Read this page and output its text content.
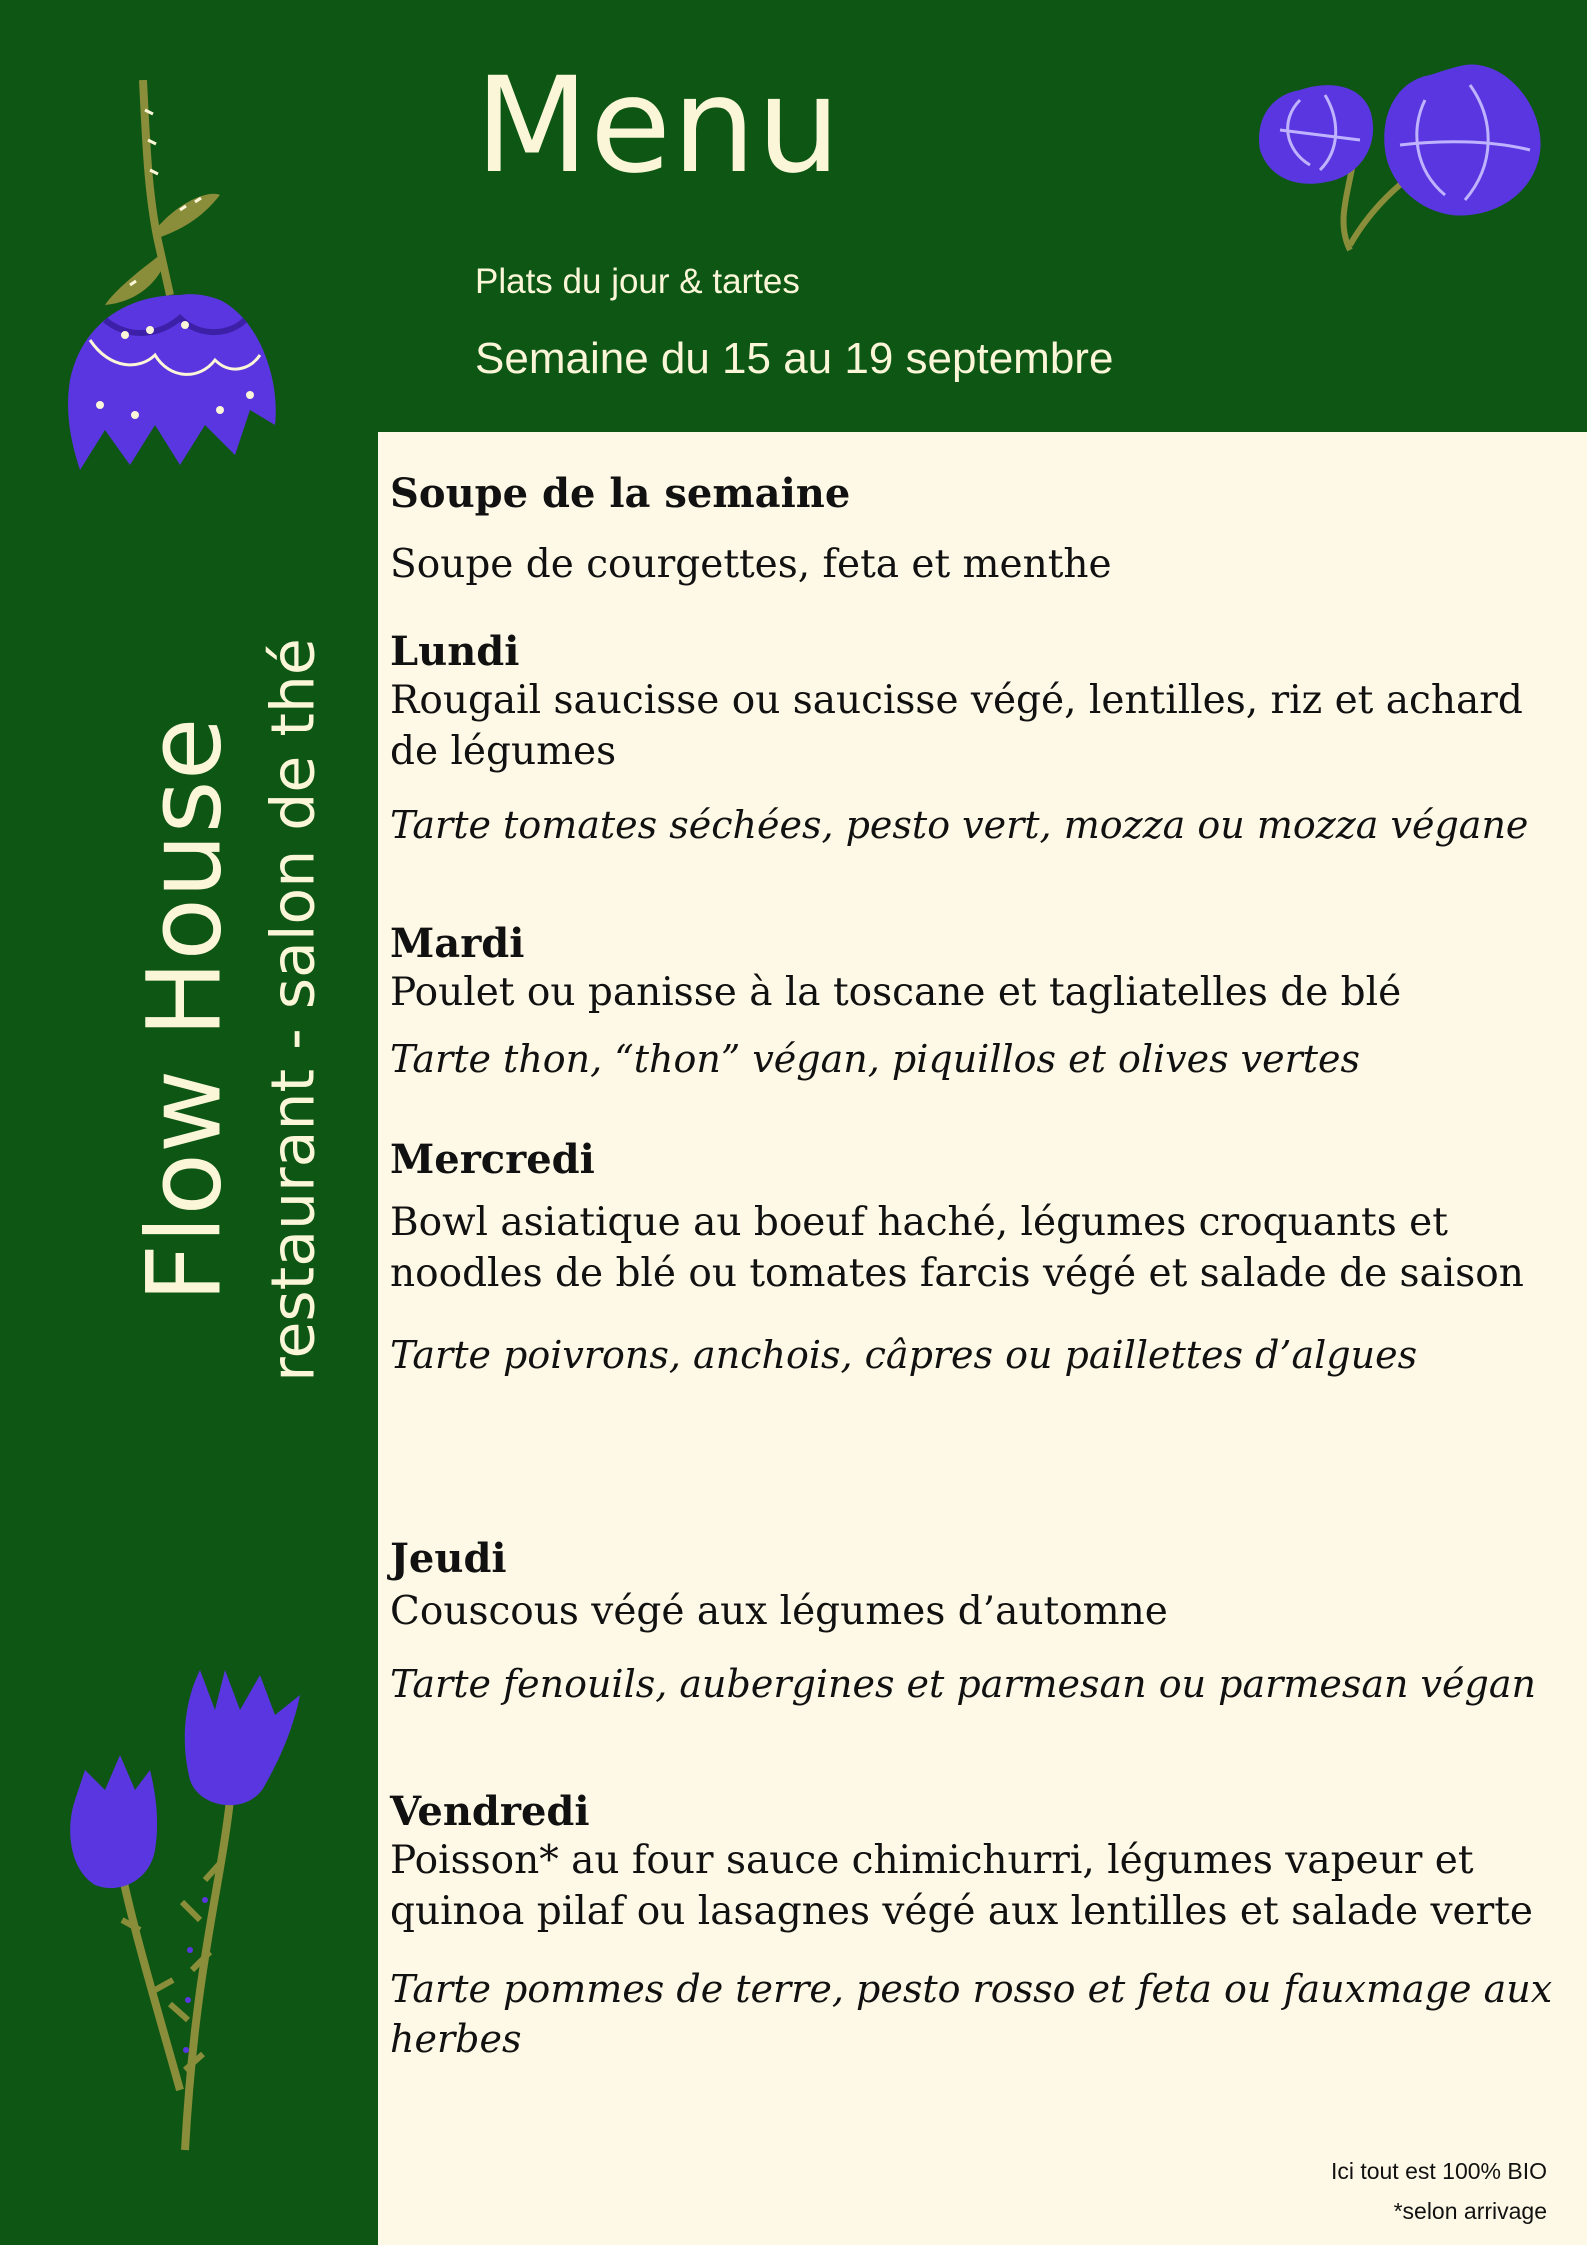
Menu
Plats du jour & tartes
Semaine du 15 au 19 septembre
Flow House restaurant - salon de thé
Soupe de la semaine
Soupe de courgettes, feta et menthe
Lundi
Rougail saucisse ou saucisse végé, lentilles, riz et achard de légumes
Tarte tomates séchées, pesto vert, mozza ou mozza végane
Mardi
Poulet ou panisse à la toscane et tagliatelles de blé
Tarte thon, “thon” végan, piquillos et olives vertes
Mercredi
Bowl asiatique au boeuf haché, légumes croquants et noodles de blé ou tomates farcis végé et salade de saison
Tarte poivrons, anchois, câpres ou paillettes d’algues
Jeudi
Couscous végé aux légumes d’automne
Tarte fenouils, aubergines et parmesan ou parmesan végan
Vendredi
Poisson* au four sauce chimichurri, légumes vapeur et quinoa pilaf ou lasagnes végé aux lentilles et salade verte
Tarte pommes de terre, pesto rosso et feta ou fauxmage aux herbes
Ici tout est 100% BIO
*selon arrivage
